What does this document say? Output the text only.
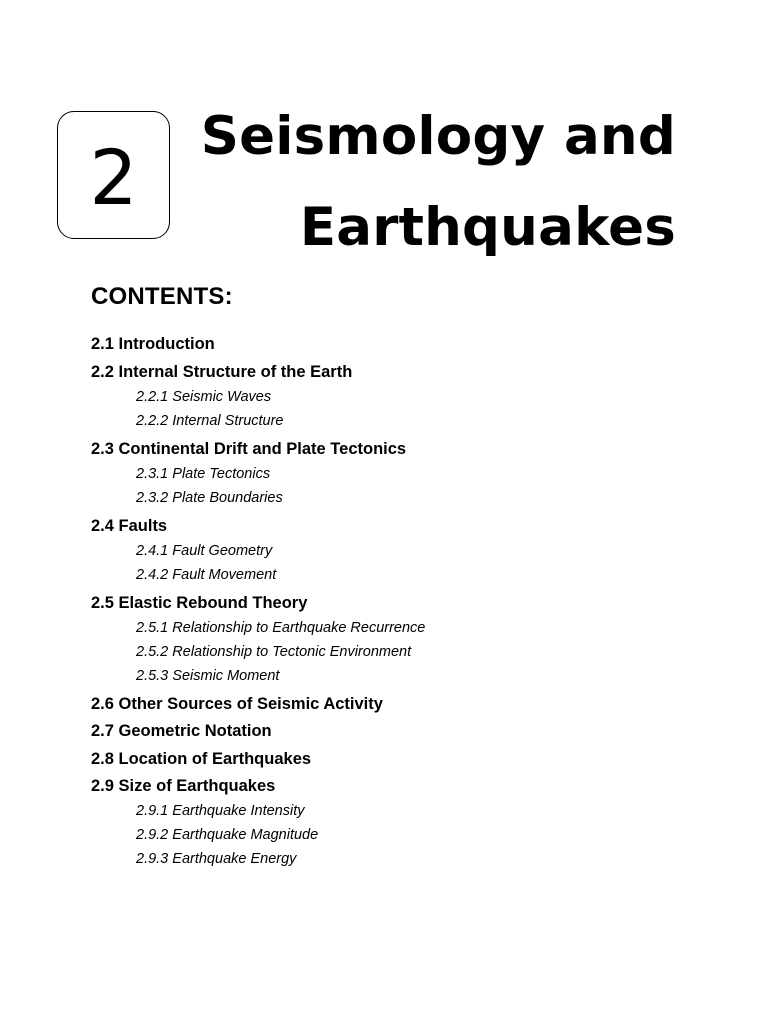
2 Seismology and
Earthquakes
CONTENTS:
2.1 Introduction
2.2 Internal Structure of the Earth
2.2.1 Seismic Waves
2.2.2 Internal Structure
2.3 Continental Drift and Plate Tectonics
2.3.1 Plate Tectonics
2.3.2 Plate Boundaries
2.4 Faults
2.4.1 Fault Geometry
2.4.2 Fault Movement
2.5 Elastic Rebound Theory
2.5.1 Relationship to Earthquake Recurrence
2.5.2 Relationship to Tectonic Environment
2.5.3 Seismic Moment
2.6 Other Sources of Seismic Activity
2.7 Geometric Notation
2.8 Location of Earthquakes
2.9 Size of Earthquakes
2.9.1 Earthquake Intensity
2.9.2 Earthquake Magnitude
2.9.3 Earthquake Energy
